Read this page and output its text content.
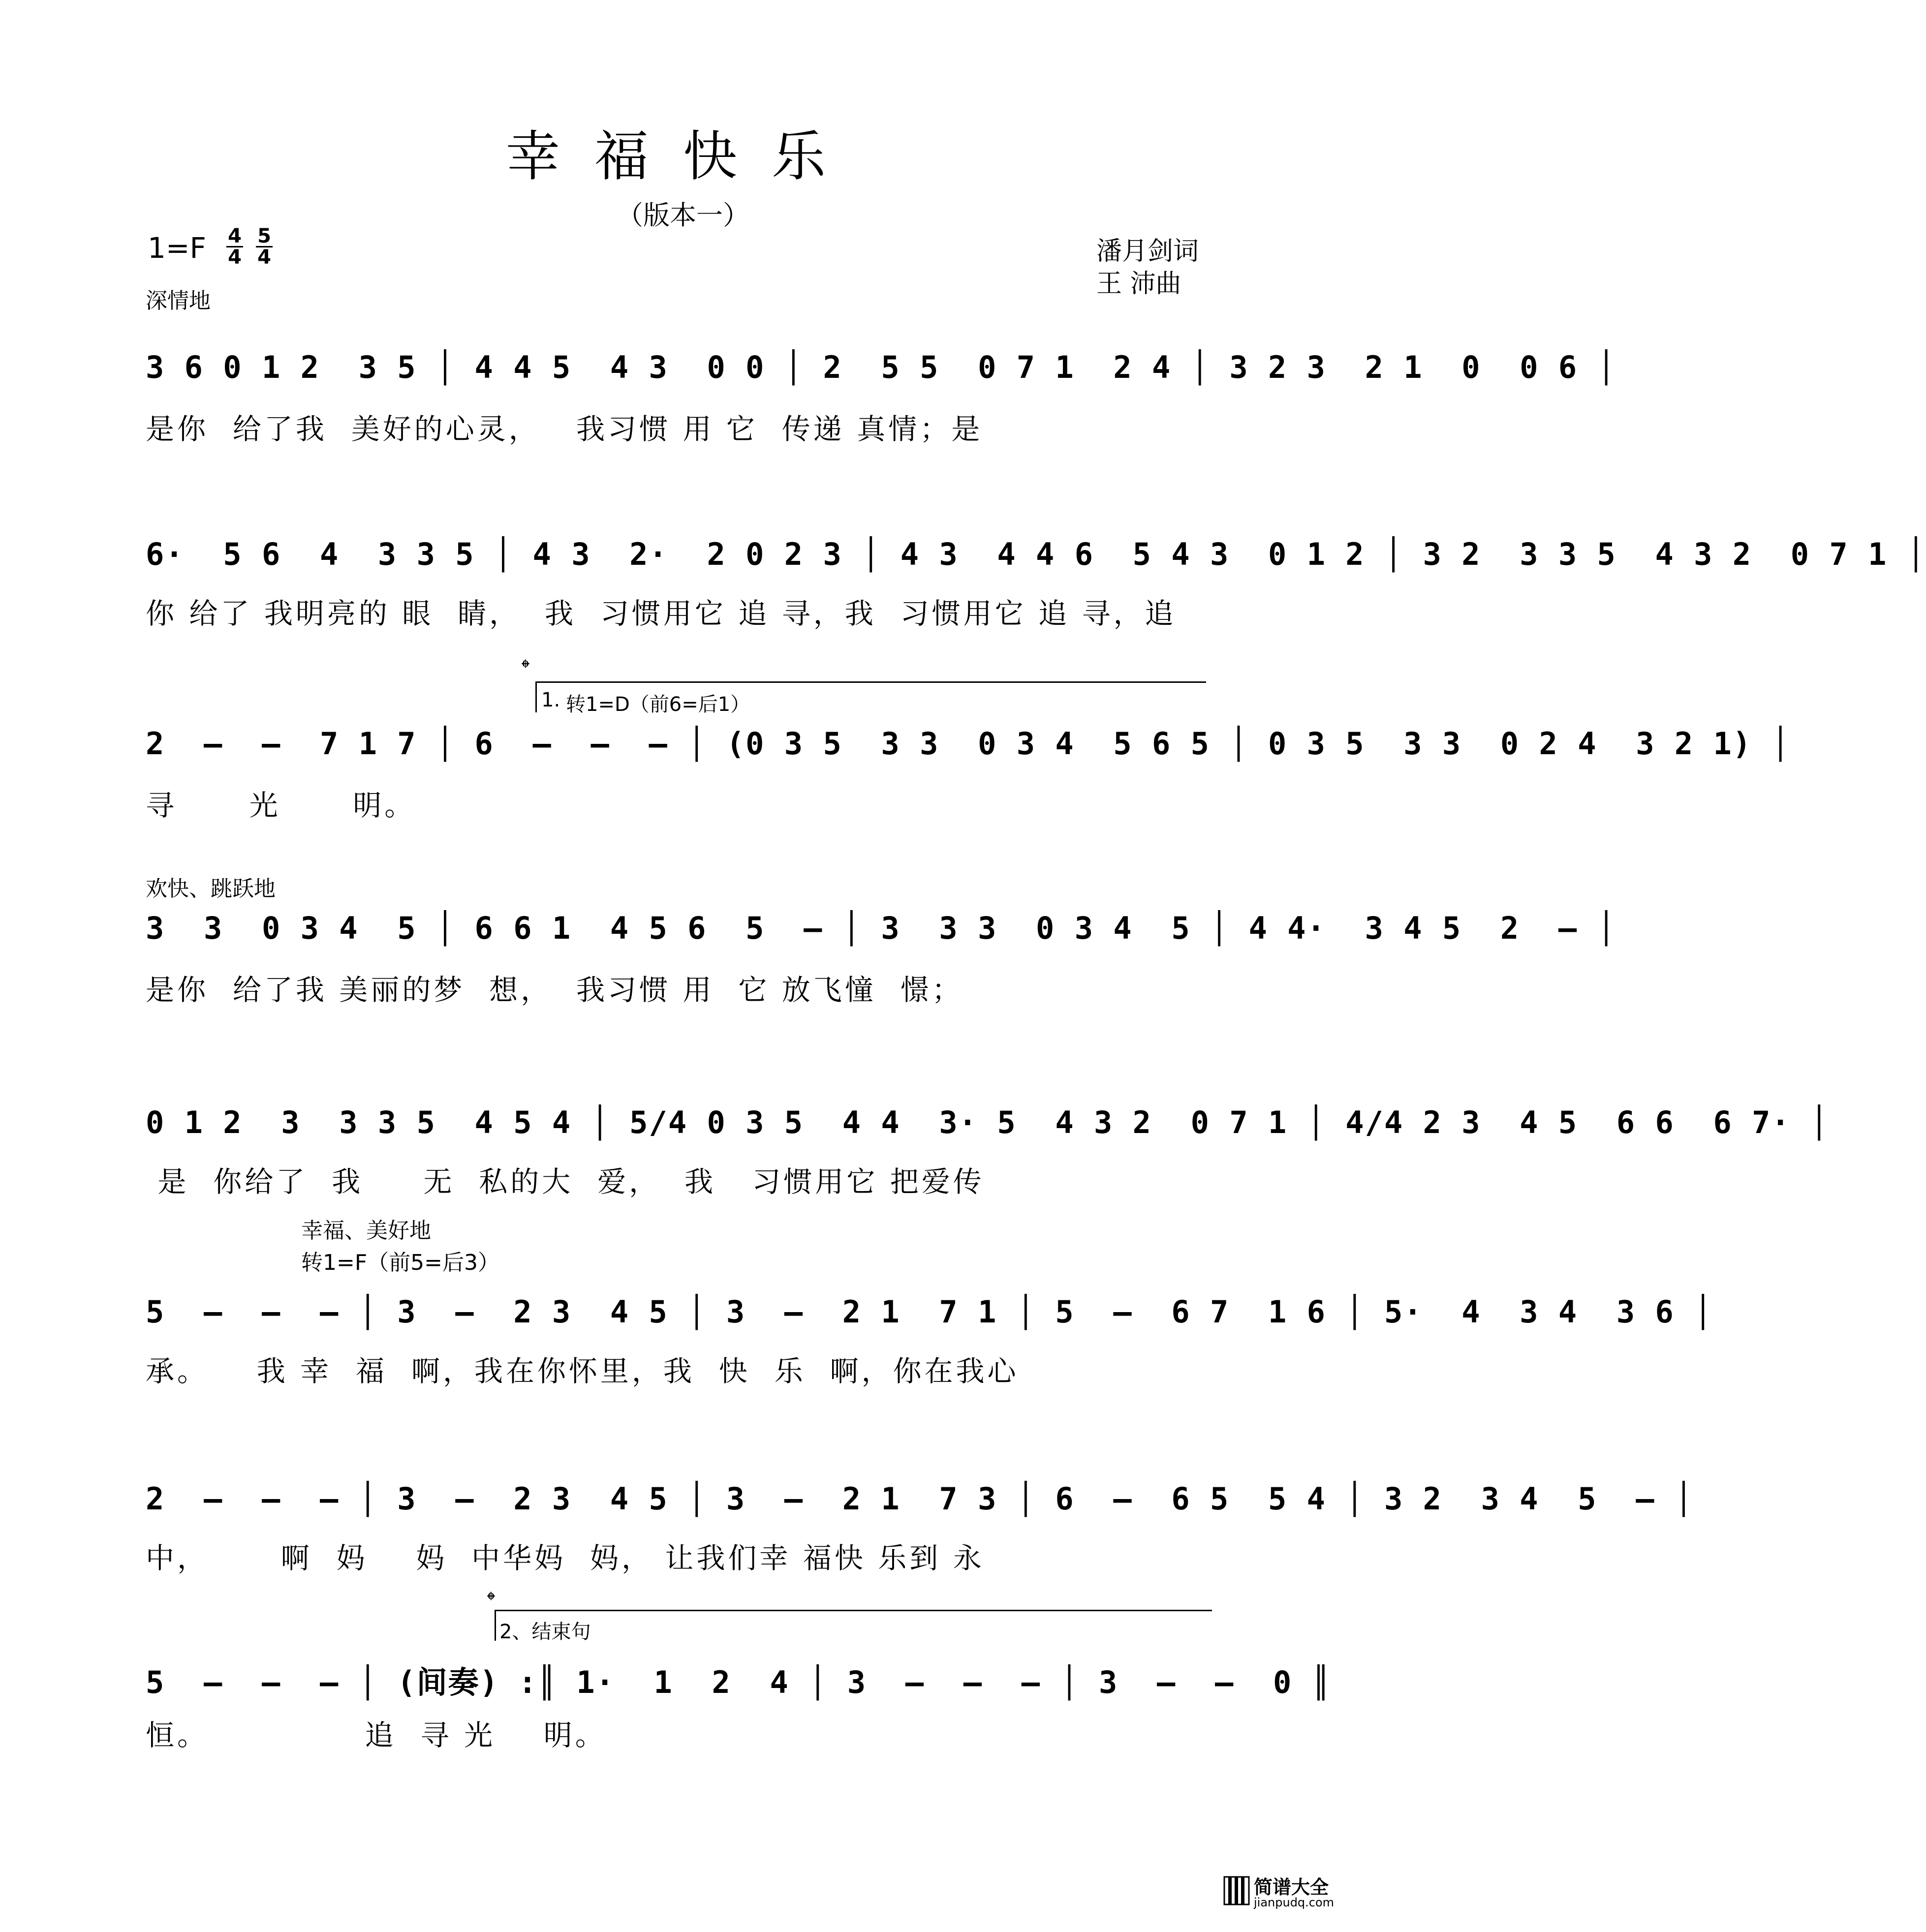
幸福快乐
（版本一）
$1=F \frac{4}{4} \frac{5}{4}$	潘月剑词
王 沛曲
深情地
3 6 0 1 2  3 5 │ 4 4 5  4 3  0 0 │ 2  5 5  0 7 1  2 4 │ 3 2 3  2 1  0  0 6 │
是你  给了我  美好的心灵，   我习惯 用 它  传递 真情；是
6·  5 6  4  3 3 5 │ 4 3  2·  2 0 2 3 │ 4 3  4 4 6  5 4 3  0 1 2 │ 3 2  3 3 5  4 3 2  0 7 1 │
你 给了 我明亮的 眼  睛，  我  习惯用它 追 寻，我  习惯用它 追 寻，追
𝄌
1. 转1=D（前6=后1）
2  –  –  7 1 7 │ 6  –  –  – │ (0 3 5  3 3  0 3 4  5 6 5 │ 0 3 5  3 3  0 2 4  3 2 1) │
寻      光      明。
欢快、跳跃地
3  3  0 3 4  5 │ 6 6 1  4 5 6  5  – │ 3  3 3  0 3 4  5 │ 4 4·  3 4 5  2  – │
是你  给了我 美丽的梦  想，  我习惯 用  它 放飞憧  憬；
0 1 2  3  3 3 5  4 5 4 │ 5/4 0 3 5  4 4  3· 5  4 3 2  0 7 1 │ 4/4 2 3  4 5  6 6  6 7· │
是  你给了  我     无  私的大  爱，  我   习惯用它 把爱传
幸福、美好地
转1=F（前5=后3）
5  –  –  – │ 3  –  2 3  4 5 │ 3  –  2 1  7 1 │ 5  –  6 7  1 6 │ 5·  4  3 4  3 6 │
承。    我 幸  福  啊，我在你怀里，我  快  乐  啊，你在我心
2  –  –  – │ 3  –  2 3  4 5 │ 3  –  2 1  7 3 │ 6  –  6 5  5 4 │ 3 2  3 4  5  – │
中，      啊  妈    妈  中华妈  妈， 让我们幸 福快 乐到 永
𝄌
2、结束句
5  –  –  – │ (间奏) :║ 1·  1  2  4 │ 3  –  –  – │ 3  –  –  0 ║
恒。             追  寻 光    明。
简谱大全
jianpudq.com
